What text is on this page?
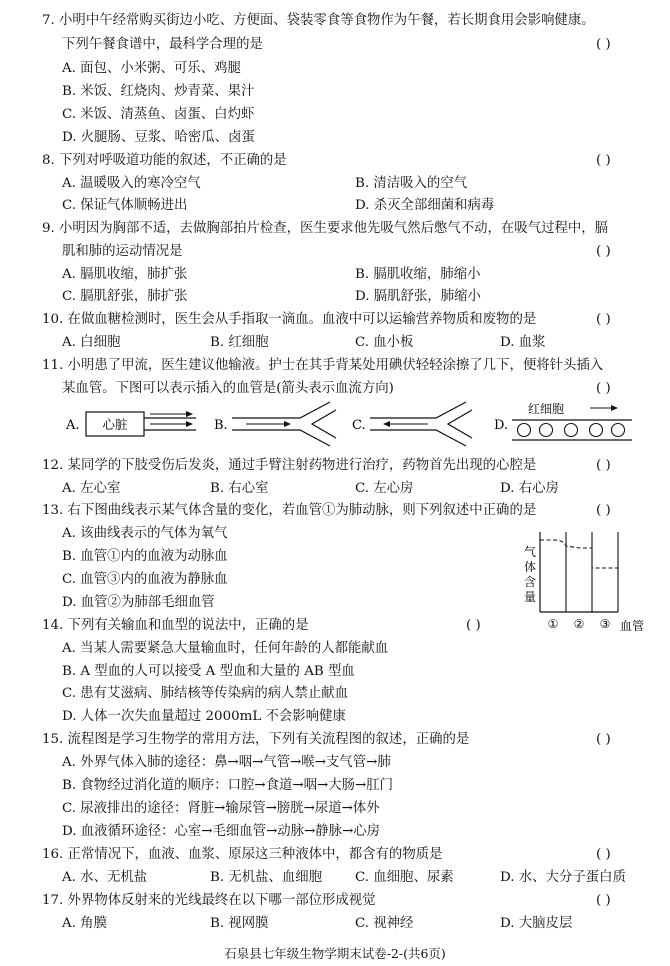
7. 小明中午经常购买街边小吃、方便面、袋装零食等食物作为午餐，若长期食用会影响健康。
下列午餐食谱中，最科学合理的是	( )
A. 面包、小米粥、可乐、鸡腿
B. 米饭、红烧肉、炒青菜、果汁
C. 米饭、清蒸鱼、卤蛋、白灼虾
D. 火腿肠、豆浆、哈密瓜、卤蛋
8. 下列对呼吸道功能的叙述，不正确的是	( )
A. 温暖吸入的寒冷空气	B. 清洁吸入的空气
C. 保证气体顺畅进出	D. 杀灭全部细菌和病毒
9. 小明因为胸部不适，去做胸部拍片检查，医生要求他先吸气然后憋气不动，在吸气过程中，膈
肌和肺的运动情况是	( )
A. 膈肌收缩，肺扩张	B. 膈肌收缩，肺缩小
C. 膈肌舒张，肺扩张	D. 膈肌舒张，肺缩小
10. 在做血糖检测时，医生会从手指取一滴血。血液中可以运输营养物质和废物的是	( )
A. 白细胞	B. 红细胞	C. 血小板	D. 血浆
11. 小明患了甲流，医生建议他输液。护士在其手背某处用碘伏轻轻涂擦了几下，便将针头插入
某血管。下图可以表示插入的血管是(箭头表示血流方向)	( )
A. 心脏	B.	C.	D.
红细胞
12. 某同学的下肢受伤后发炎，通过手臂注射药物进行治疗，药物首先出现的心腔是	( )
A. 左心室	B. 右心室	C. 左心房	D. 右心房
13. 右下图曲线表示某气体含量的变化，若血管①为肺动脉，则下列叙述中正确的是	( )
A. 该曲线表示的气体为氧气
B. 血管①内的血液为动脉血
C. 血管③内的血液为静脉血
D. 血管②为肺部毛细血管
气
体
含
量
① ② ③ 血管
14. 下列有关输血和血型的说法中，正确的是	( )
A. 当某人需要紧急大量输血时，任何年龄的人都能献血
B. A 型血的人可以接受 A 型血和大量的 AB 型血
C. 患有艾滋病、肺结核等传染病的病人禁止献血
D. 人体一次失血量超过 2000mL 不会影响健康
15. 流程图是学习生物学的常用方法，下列有关流程图的叙述，正确的是	( )
A. 外界气体入肺的途径：鼻→咽→气管→喉→支气管→肺
B. 食物经过消化道的顺序：口腔→食道→咽→大肠→肛门
C. 尿液排出的途径：肾脏→输尿管→膀胱→尿道→体外
D. 血液循环途径：心室→毛细血管→动脉→静脉→心房
16. 正常情况下，血液、血浆、原尿这三种液体中，都含有的物质是	( )
A. 水、无机盐	B. 无机盐、血细胞 C. 血细胞、尿素	D. 水、大分子蛋白质
17. 外界物体反射来的光线最终在以下哪一部位形成视觉	( )
A. 角膜	B. 视网膜	C. 视神经	D. 大脑皮层
石泉县七年级生物学期末试卷-2-(共6页)
